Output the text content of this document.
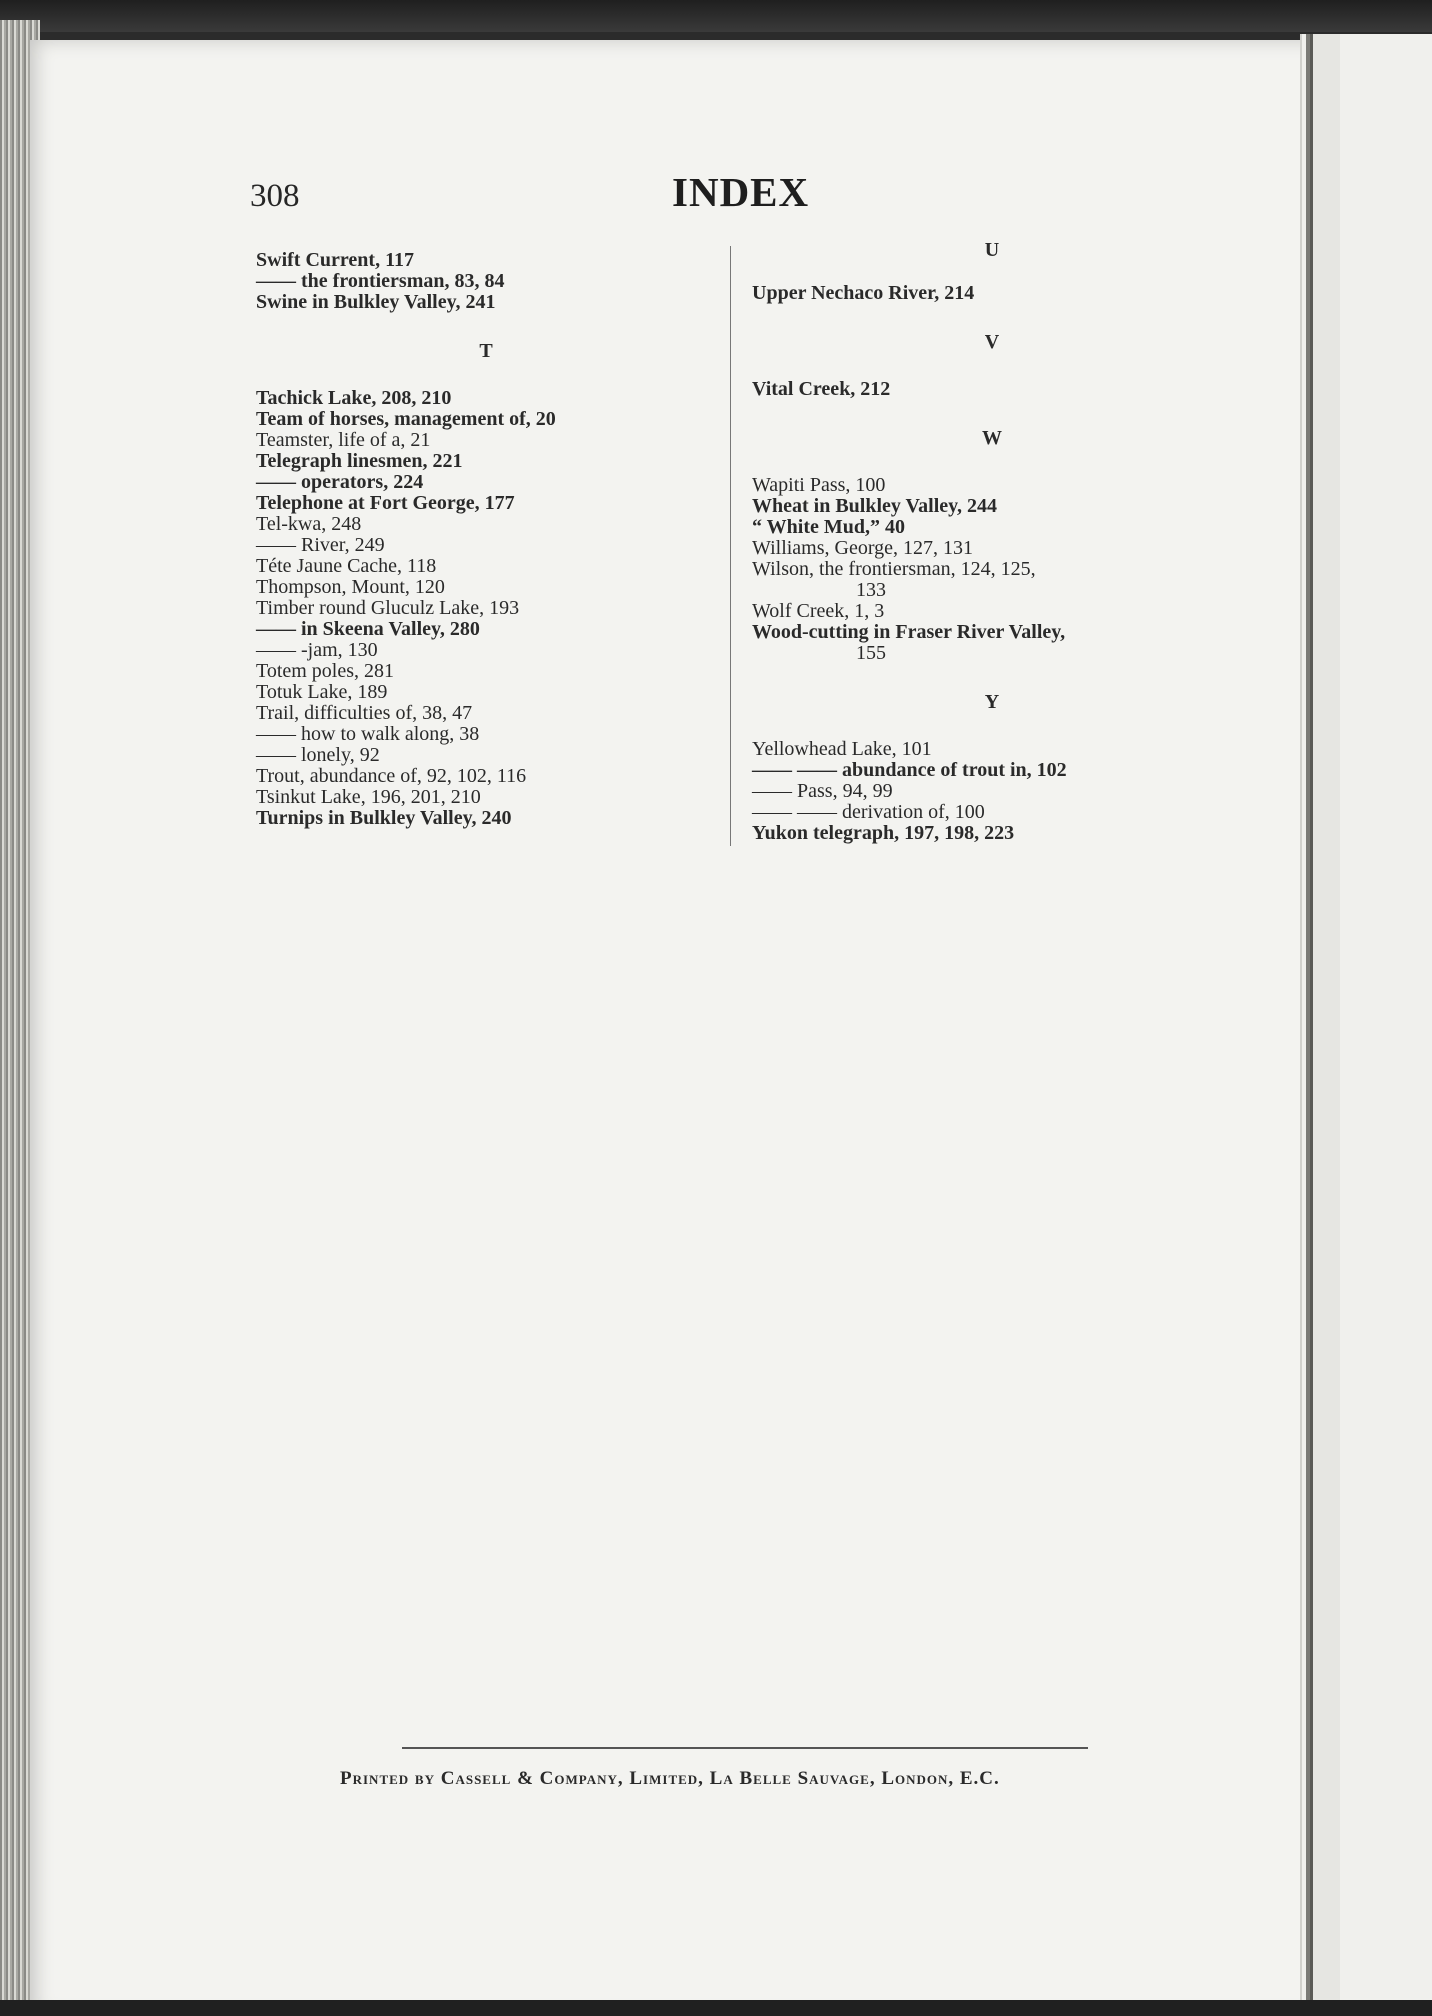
308	INDEX
Swift Current, 117
—— the frontiersman, 83, 84
Swine in Bulkley Valley, 241
T
Tachick Lake, 208, 210
Team of horses, management of, 20
Teamster, life of a, 21
Telegraph linesmen, 221
—— operators, 224
Telephone at Fort George, 177
Tel-kwa, 248
—— River, 249
Téte Jaune Cache, 118
Thompson, Mount, 120
Timber round Gluculz Lake, 193
—— in Skeena Valley, 280
—— -jam, 130
Totem poles, 281
Totuk Lake, 189
Trail, difficulties of, 38, 47
—— how to walk along, 38
—— lonely, 92
Trout, abundance of, 92, 102, 116
Tsinkut Lake, 196, 201, 210
Turnips in Bulkley Valley, 240
U
Upper Nechaco River, 214
V
Vital Creek, 212
W
Wapiti Pass, 100
Wheat in Bulkley Valley, 244
“ White Mud,” 40
Williams, George, 127, 131
Wilson, the frontiersman, 124, 125,
133
Wolf Creek, 1, 3
Wood-cutting in Fraser River Valley,
155
Y
Yellowhead Lake, 101
—— —— abundance of trout in, 102
—— Pass, 94, 99
—— —— derivation of, 100
Yukon telegraph, 197, 198, 223
Printed by Cassell & Company, Limited, La Belle Sauvage, London, E.C.
